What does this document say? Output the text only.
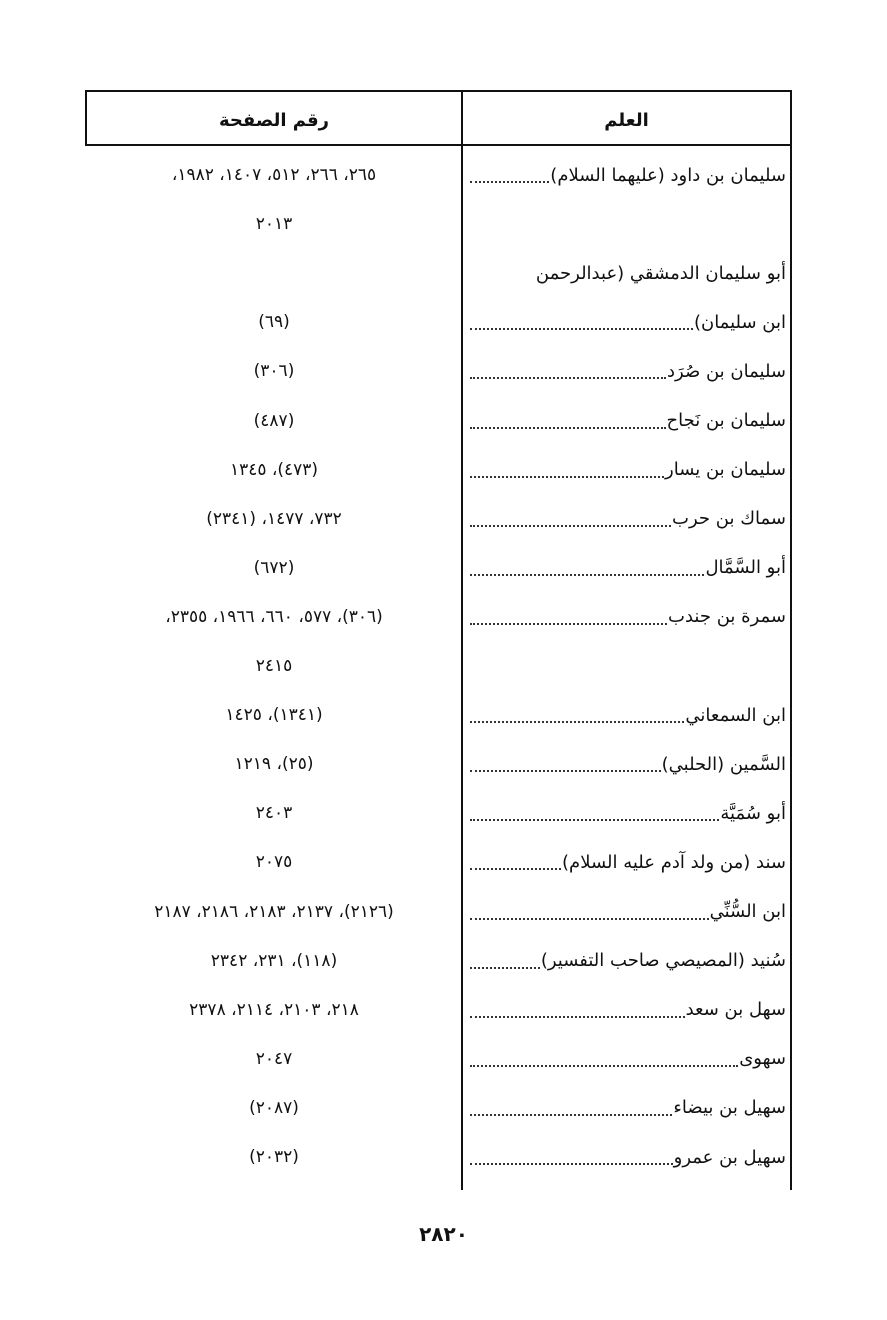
العلم
رقم الصفحة
سليمان بن داود (عليهما السلام)
٢٦٥، ٢٦٦، ٥١٢، ١٤٠٧، ١٩٨٢،
٢٠١٣
أبو سليمان الدمشقي (عبدالرحمن
ابن سليمان)
(٦٩)
سليمان بن صُرَد
(٣٠٦)
سليمان بن نَجاح
(٤٨٧)
سليمان بن يسار
(٤٧٣)، ١٣٤٥
سماك بن حرب
٧٣٢، ١٤٧٧، (٢٣٤١)
أبو السَّمَّال
(٦٧٢)
سمرة بن جندب
(٣٠٦)، ٥٧٧، ٦٦٠، ١٩٦٦، ٢٣٥٥،
٢٤١٥
ابن السمعاني
(١٣٤١)، ١٤٢٥
السَّمين (الحلبي)
(٢٥)، ١٢١٩
أبو سُمَيَّة
٢٤٠٣
سند (من ولد آدم عليه السلام)
٢٠٧٥
ابن السُّنِّي
(٢١٢٦)، ٢١٣٧، ٢١٨٣، ٢١٨٦، ٢١٨٧
سُنيد (المصيصي صاحب التفسير)
(١١٨)، ٢٣١، ٢٣٤٢
سهل بن سعد
٢١٨، ٢١٠٣، ٢١١٤، ٢٣٧٨
سهوى
٢٠٤٧
سهيل بن بيضاء
(٢٠٨٧)
سهيل بن عمرو
(٢٠٣٢)
٢٨٢٠
